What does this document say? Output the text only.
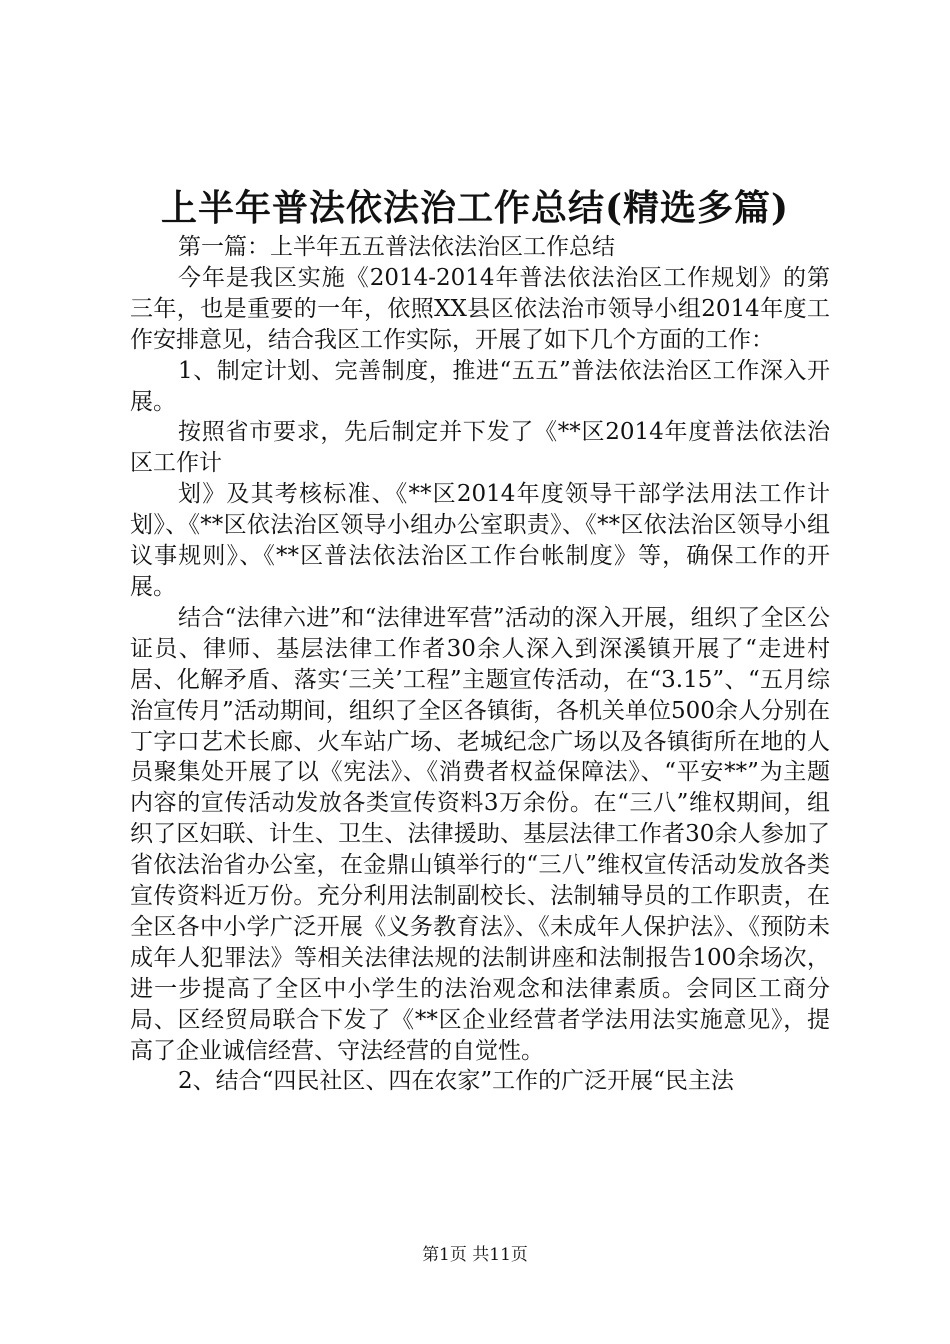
上半年普法依法治工作总结(精选多篇)

第一篇：上半年五五普法依法治区工作总结

今年是我区实施《2014-2014年普法依法治区工作规划》的第三年，也是重要的一年，依照XX县区依法治市领导小组2014年度工作安排意见，结合我区工作实际，开展了如下几个方面的工作：

1、制定计划、完善制度，推进“五五”普法依法治区工作深入开展。

按照省市要求，先后制定并下发了《**区2014年度普法依法治区工作计

划》及其考核标准、《**区2014年度领导干部学法用法工作计划》、《**区依法治区领导小组办公室职责》、《**区依法治区领导小组议事规则》、《**区普法依法治区工作台帐制度》等，确保工作的开展。

结合“法律六进”和“法律进军营”活动的深入开展，组织了全区公证员、律师、基层法律工作者30余人深入到深溪镇开展了“走进村居、化解矛盾、落实‘三关’工程”主题宣传活动，在“3.15”、“五月综治宣传月”活动期间，组织了全区各镇街，各机关单位500余人分别在丁字口艺术长廊、火车站广场、老城纪念广场以及各镇街所在地的人员聚集处开展了以《宪法》、《消费者权益保障法》、“平安**”为主题内容的宣传活动发放各类宣传资料3万余份。在“三八”维权期间，组织了区妇联、计生、卫生、法律援助、基层法律工作者30余人参加了省依法治省办公室，在金鼎山镇举行的“三八”维权宣传活动发放各类宣传资料近万份。充分利用法制副校长、法制辅导员的工作职责，在全区各中小学广泛开展《义务教育法》、《未成年人保护法》、《预防未成年人犯罪法》等相关法律法规的法制讲座和法制报告100余场次，进一步提高了全区中小学生的法治观念和法律素质。会同区工商分局、区经贸局联合下发了《**区企业经营者学法用法实施意见》，提高了企业诚信经营、守法经营的自觉性。

2、结合“四民社区、四在农家”工作的广泛开展“民主法

第1页 共11页
